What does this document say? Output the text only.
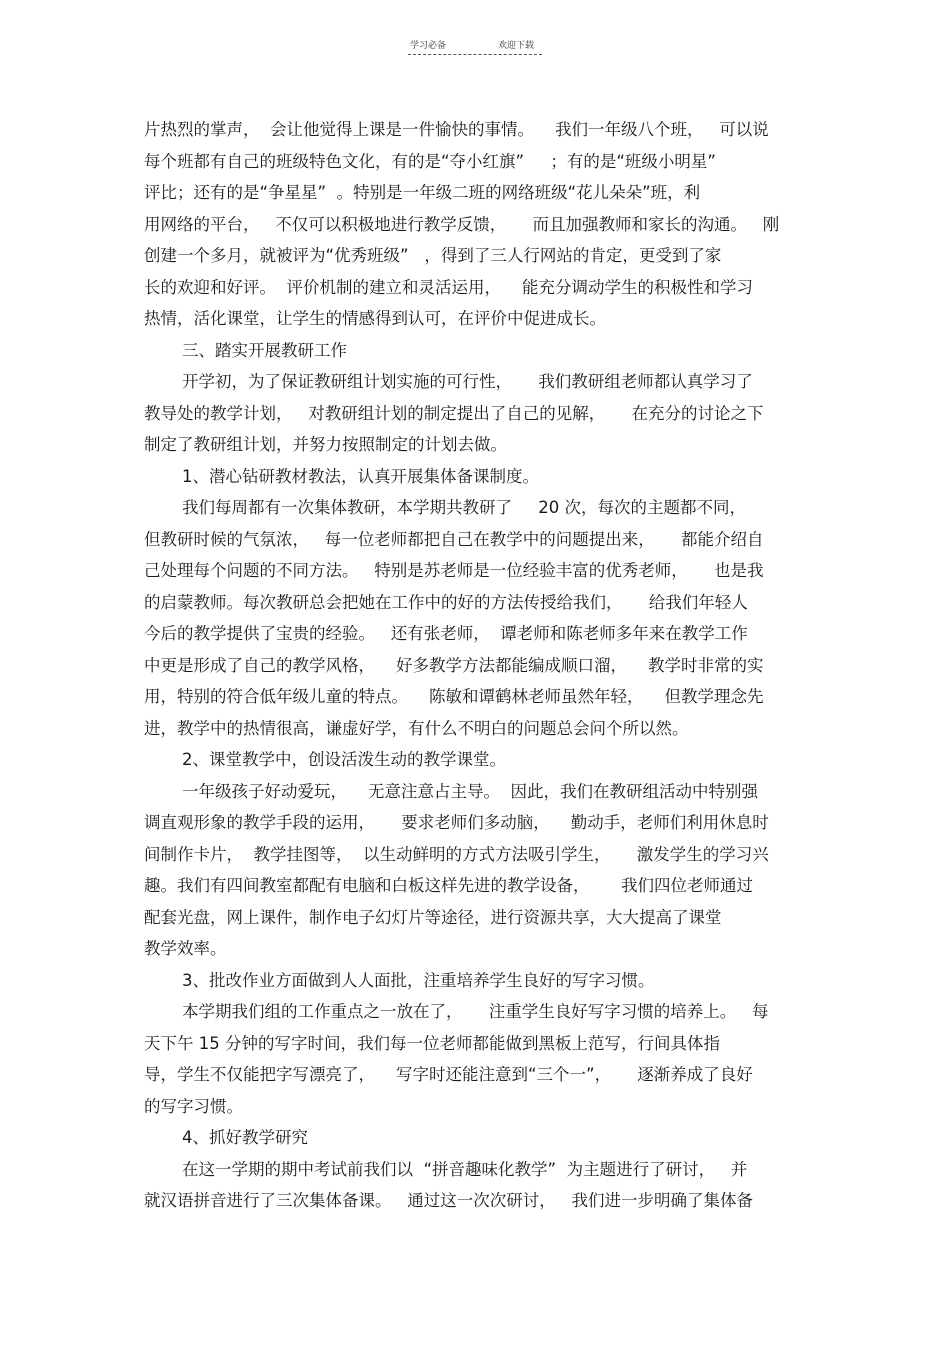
学习必备	欢迎下载
片热烈的掌声，  会让他觉得上课是一件愉快的事情。    我们一年级八个班，   可以说
每个班都有自己的班级特色文化，有的是“夺小红旗”     ；有的是“班级小明星”
评比；还有的是“争星星”  。特别是一年级二班的网络班级“花儿朵朵”班，利
用网络的平台，   不仅可以积极地进行教学反馈，     而且加强教师和家长的沟通。   刚
创建一个多月，就被评为“优秀班级”   ，得到了三人行网站的肯定，更受到了家
长的欢迎和好评。  评价机制的建立和灵活运用，    能充分调动学生的积极性和学习
热情，活化课堂，让学生的情感得到认可，在评价中促进成长。
三、踏实开展教研工作
开学初，为了保证教研组计划实施的可行性，     我们教研组老师都认真学习了
教导处的教学计划，   对教研组计划的制定提出了自己的见解，     在充分的讨论之下
制定了教研组计划，并努力按照制定的计划去做。
1、潜心钻研教材教法，认真开展集体备课制度。
我们每周都有一次集体教研，本学期共教研了     20 次，每次的主题都不同，
但教研时候的气氛浓，   每一位老师都把自己在教学中的问题提出来，     都能介绍自
己处理每个问题的不同方法。   特别是苏老师是一位经验丰富的优秀老师，     也是我
的启蒙教师。每次教研总会把她在工作中的好的方法传授给我们，     给我们年轻人
今后的教学提供了宝贵的经验。   还有张老师，  谭老师和陈老师多年来在教学工作
中更是形成了自己的教学风格，    好多教学方法都能编成顺口溜，    教学时非常的实
用，特别的符合低年级儿童的特点。    陈敏和谭鹤林老师虽然年轻，    但教学理念先
进，教学中的热情很高，谦虚好学，有什么不明白的问题总会问个所以然。
2、课堂教学中，创设活泼生动的教学课堂。
一年级孩子好动爱玩，    无意注意占主导。  因此，我们在教研组活动中特别强
调直观形象的教学手段的运用，     要求老师们多动脑，    勤动手，老师们利用休息时
间制作卡片，  教学挂图等，  以生动鲜明的方式方法吸引学生，     激发学生的学习兴
趣。我们有四间教室都配有电脑和白板这样先进的教学设备，      我们四位老师通过
配套光盘，网上课件，制作电子幻灯片等途径，进行资源共享，大大提高了课堂
教学效率。
3、批改作业方面做到人人面批，注重培养学生良好的写字习惯。
本学期我们组的工作重点之一放在了，     注重学生良好写字习惯的培养上。   每
天下午 15 分钟的写字时间，我们每一位老师都能做到黑板上范写，行间具体指
导，学生不仅能把字写漂亮了，    写字时还能注意到“三个一”，     逐渐养成了良好
的写字习惯。
4、抓好教学研究
在这一学期的期中考试前我们以  “拼音趣味化教学”  为主题进行了研讨，   并
就汉语拼音进行了三次集体备课。   通过这一次次研讨，   我们进一步明确了集体备
